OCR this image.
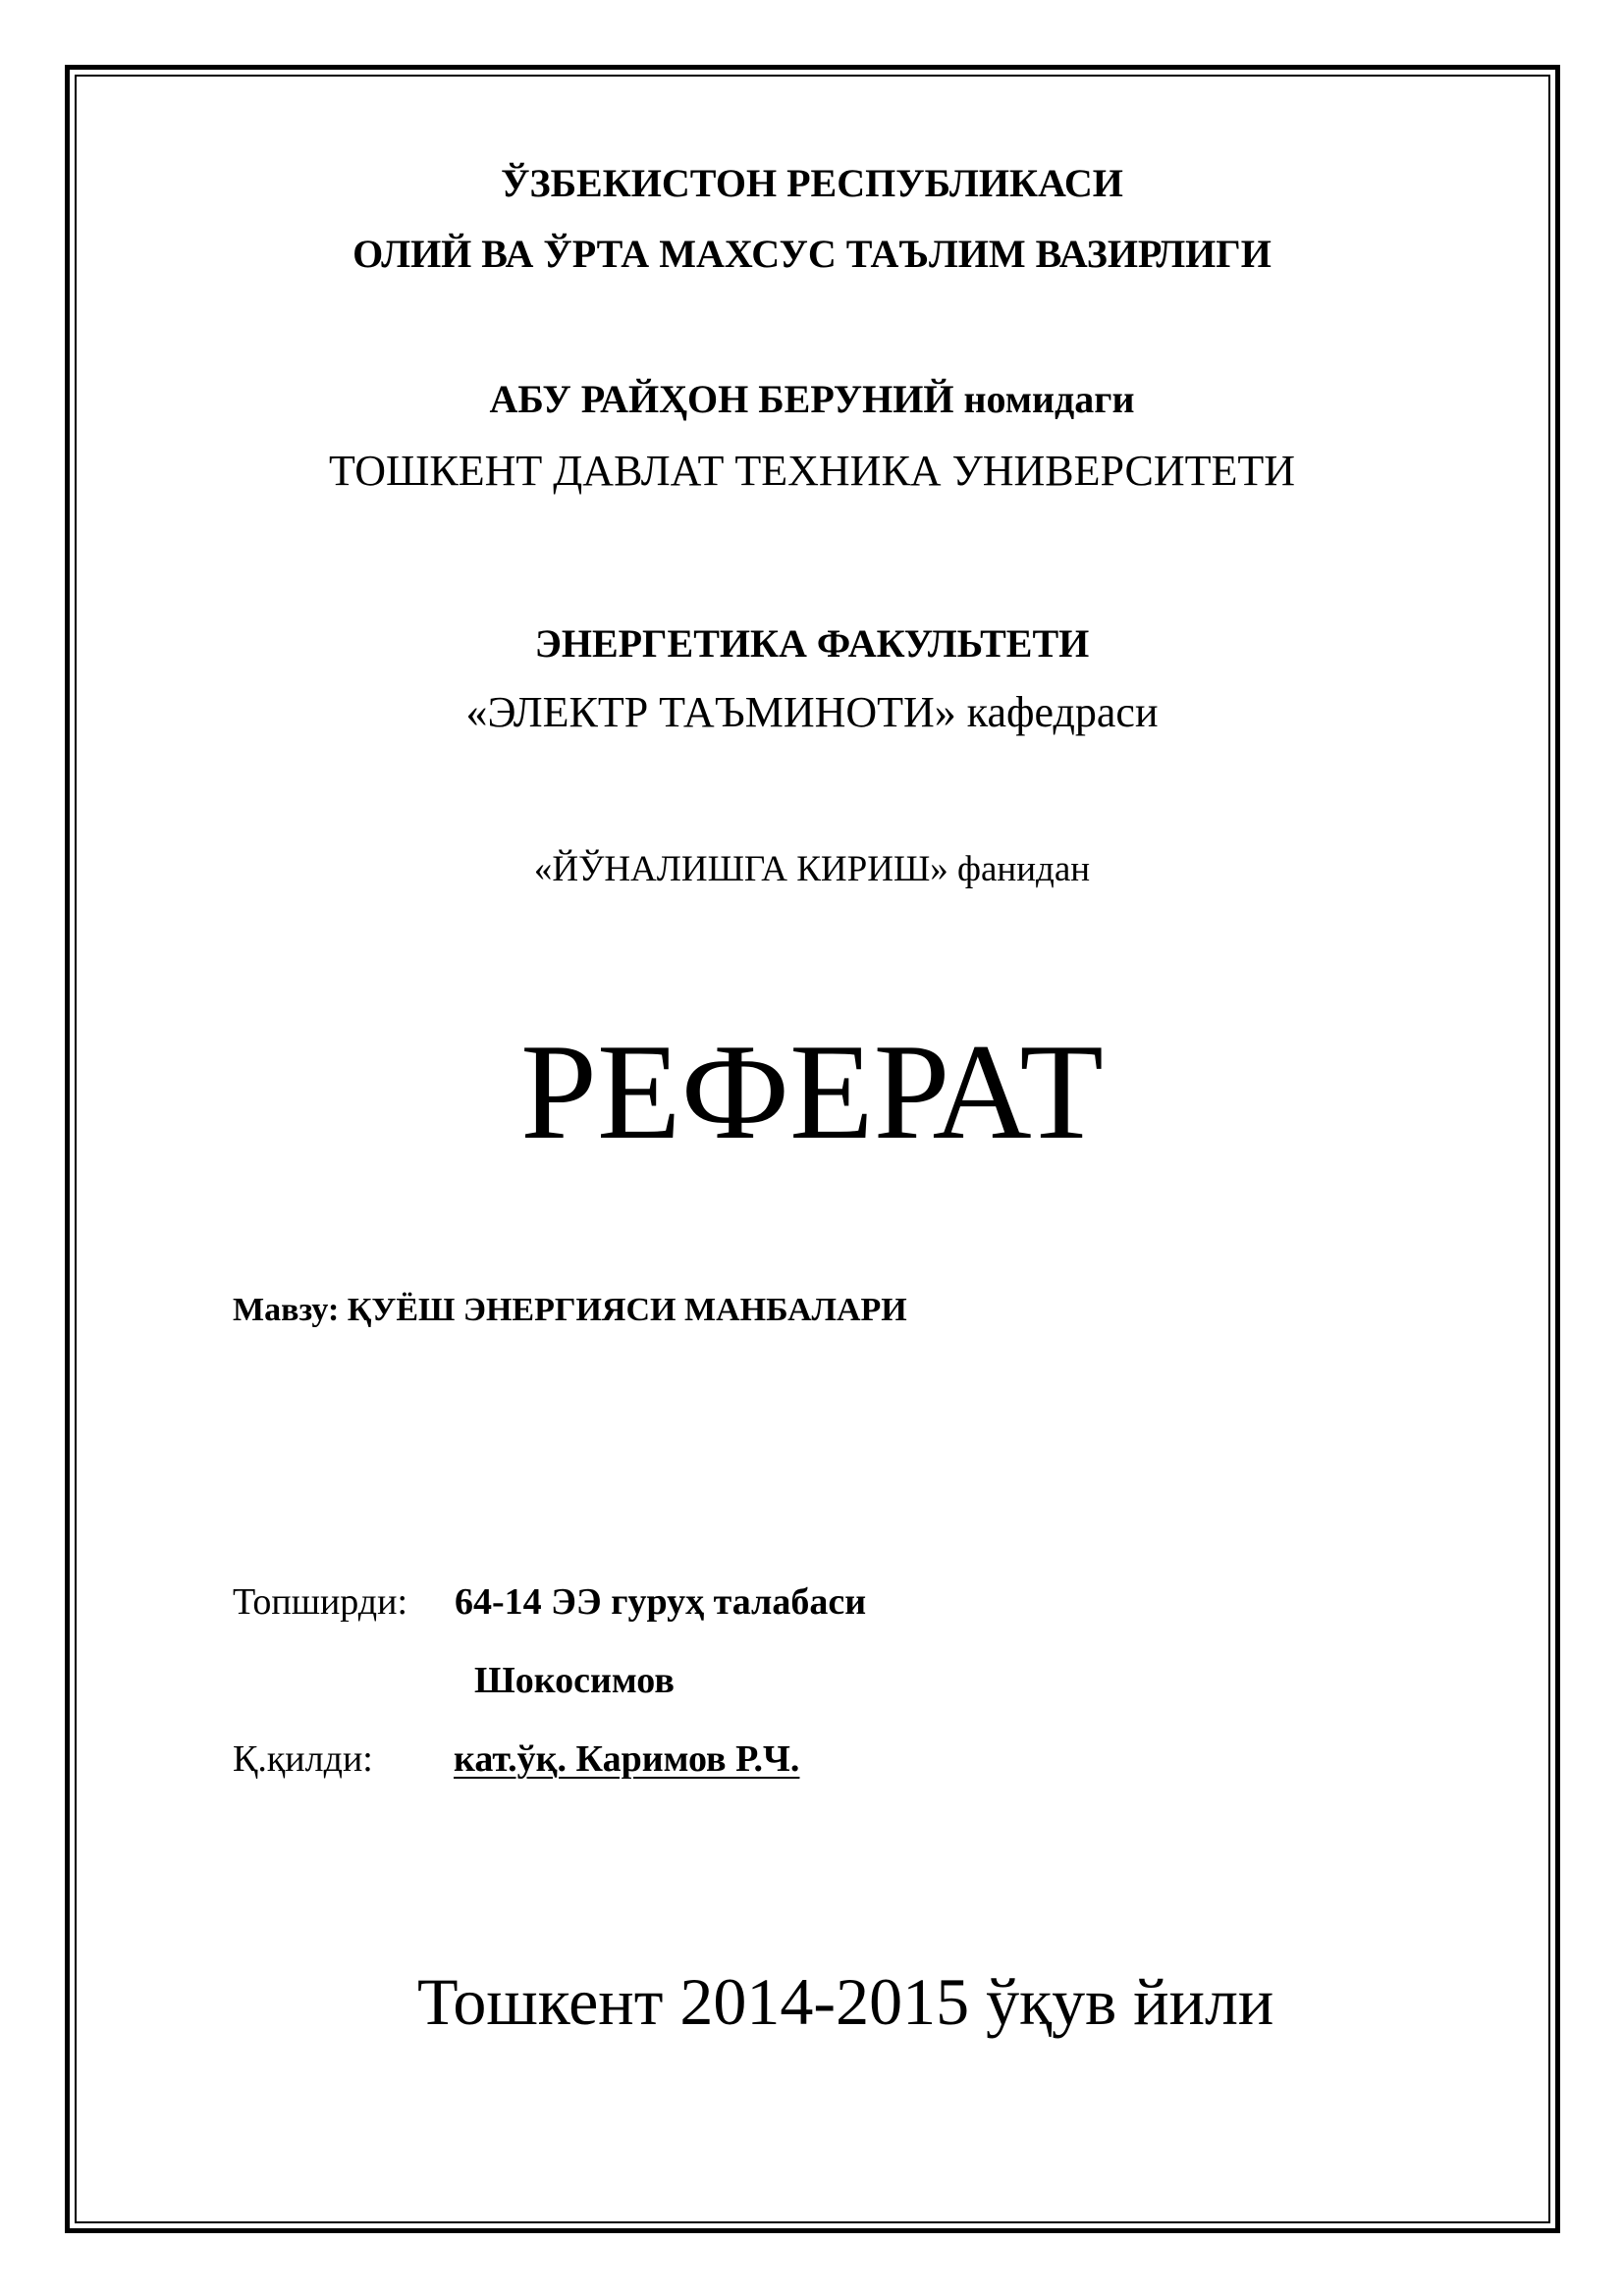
ЎЗБЕКИСТОН РЕСПУБЛИКАСИ
ОЛИЙ ВА ЎРТА МАХСУС ТАЪЛИМ ВАЗИРЛИГИ
АБУ РАЙҲОН БЕРУНИЙ номидаги
ТОШКЕНТ ДАВЛАТ ТЕХНИКА УНИВЕРСИТЕТИ
ЭНЕРГЕТИКА ФАКУЛЬТЕТИ
«ЭЛЕКТР ТАЪМИНОТИ» кафедраси
«ЙЎНАЛИШГА КИРИШ» фанидан
РЕФЕРАТ
Мавзу: ҚУЁШ ЭНЕРГИЯСИ МАНБАЛАРИ
Топширди: 64-14 ЭЭ гуруҳ талабаси
Шокосимов
Қ.қилди: кат.ўқ. Каримов Р.Ч.
Тошкент 2014-2015 ўқув йили
